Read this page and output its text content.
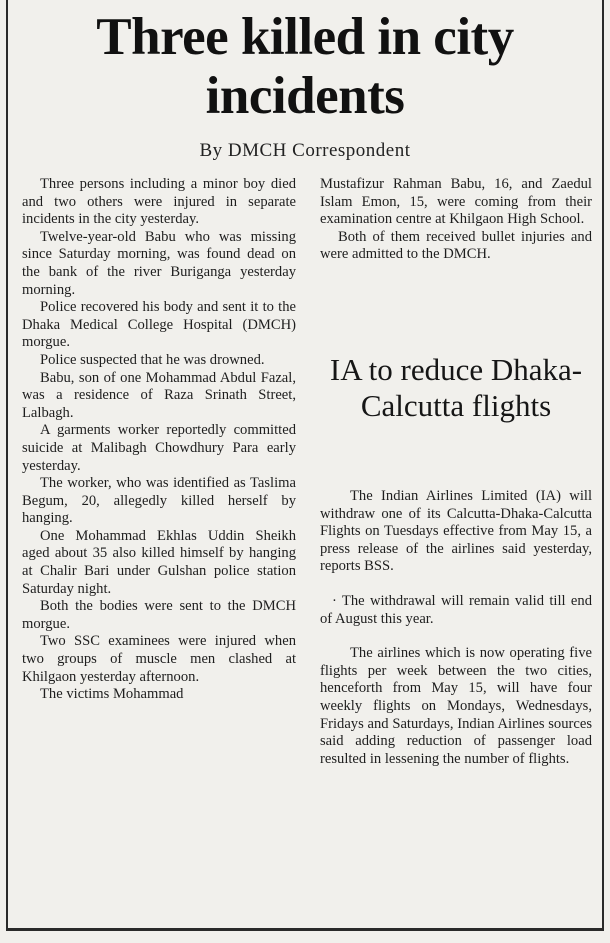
Three killed in city incidents
By DMCH Correspondent

Three persons including a minor boy died and two others were injured in separate incidents in the city yesterday.

Twelve-year-old Babu who was missing since Saturday morning, was found dead on the bank of the river Buriganga yesterday morning.

Police recovered his body and sent it to the Dhaka Medical College Hospital (DMCH) morgue.

Police suspected that he was drowned.

Babu, son of one Mohammad Abdul Fazal, was a residence of Raza Srinath Street, Lalbagh.

A garments worker reportedly committed suicide at Malibagh Chowdhury Para early yesterday.

The worker, who was identified as Taslima Begum, 20, allegedly killed herself by hanging.

One Mohammad Ekhlas Uddin Sheikh aged about 35 also killed himself by hanging at Chalir Bari under Gulshan police station Saturday night.

Both the bodies were sent to the DMCH morgue.

Two SSC examinees were injured when two groups of muscle men clashed at Khilgaon yesterday afternoon.

The victims Mohammad

Mustafizur Rahman Babu, 16, and Zaedul Islam Emon, 15, were coming from their examination centre at Khilgaon High School.

Both of them received bullet injuries and were admitted to the DMCH.

IA to reduce Dhaka-Calcutta flights

The Indian Airlines Limited (IA) will withdraw one of its Calcutta-Dhaka-Calcutta Flights on Tuesdays effective from May 15, a press release of the airlines said yesterday, reports BSS.

· The withdrawal will remain valid till end of August this year.

The airlines which is now operating five flights per week between the two cities, henceforth from May 15, will have four weekly flights on Mondays, Wednesdays, Fridays and Saturdays, Indian Airlines sources said adding reduction of passenger load resulted in lessening the number of flights.
